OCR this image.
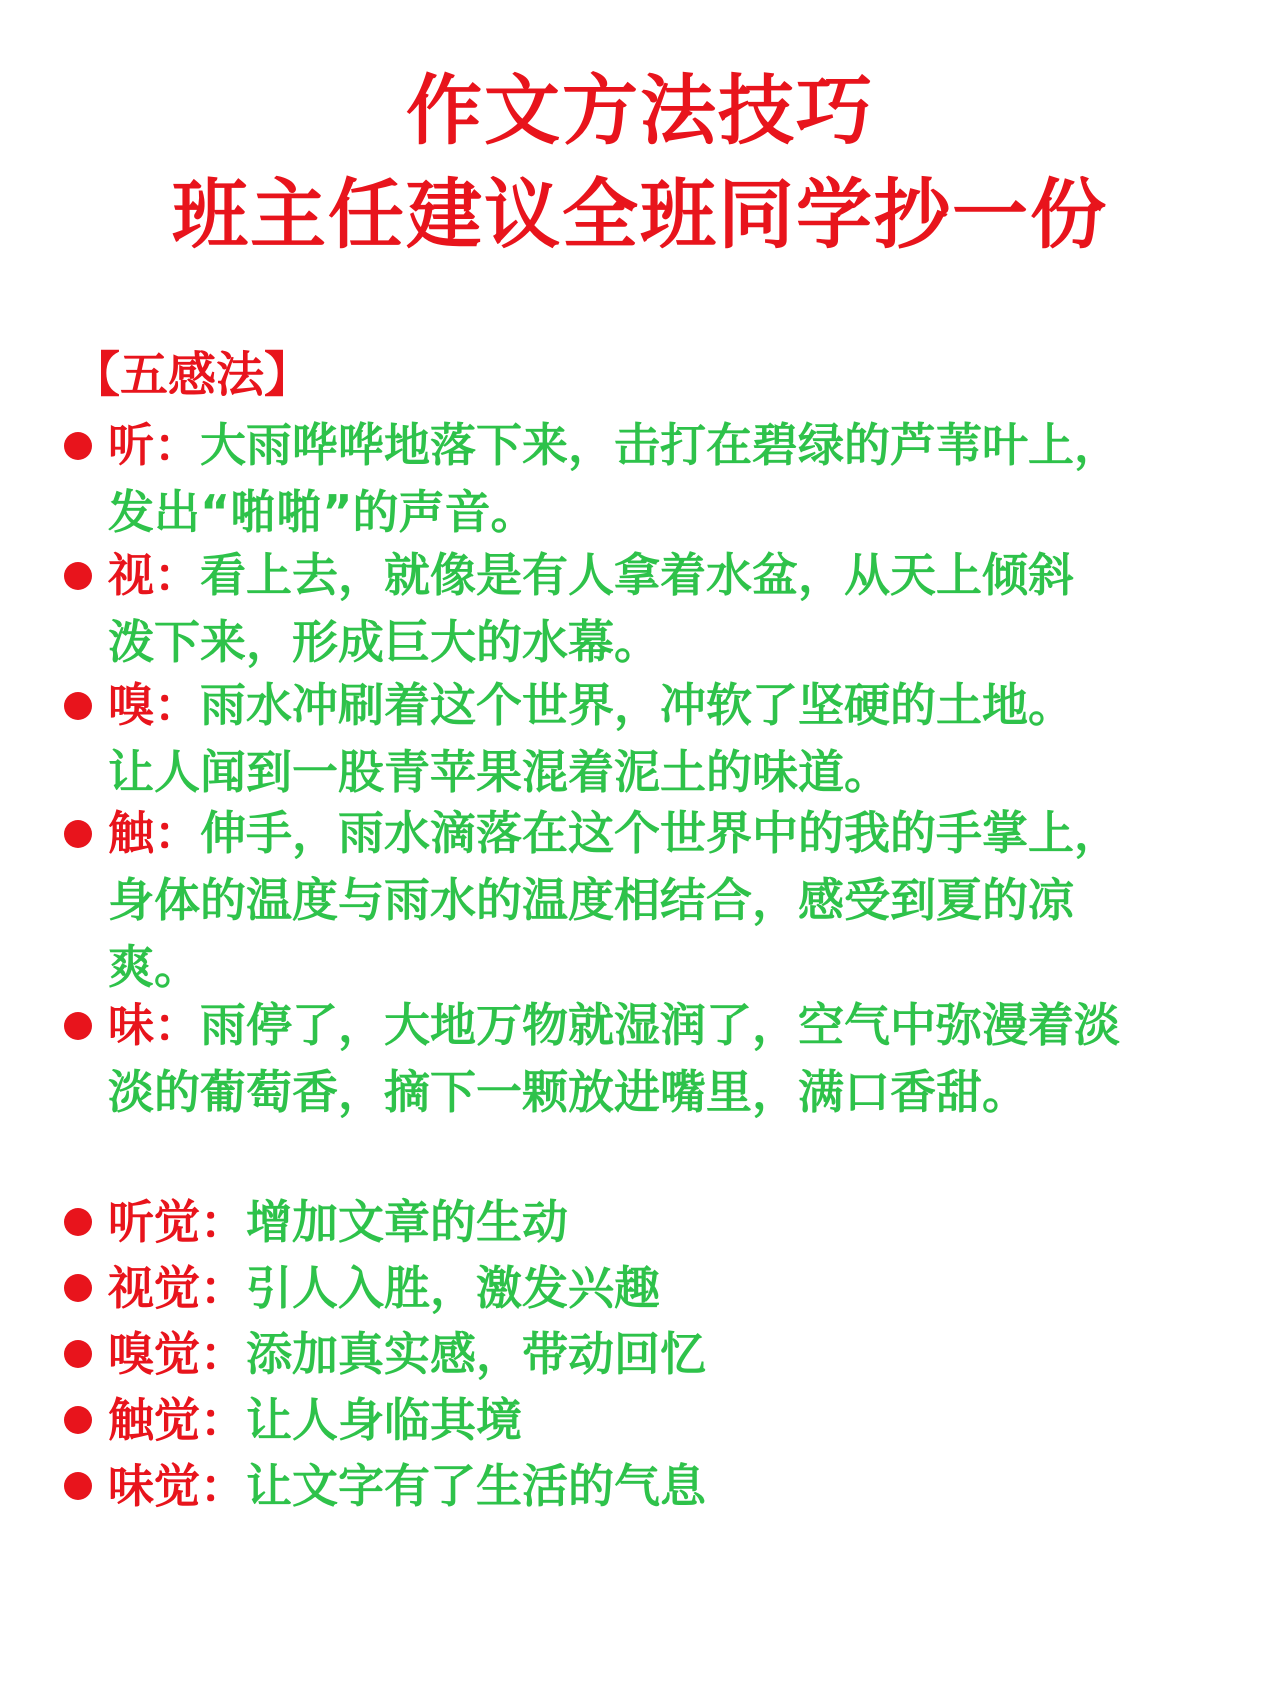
作文方法技巧
班主任建议全班同学抄一份
【五感法】
听：大雨哗哗地落下来，击打在碧绿的芦苇叶上，
发出“啪啪”的声音。
视：看上去，就像是有人拿着水盆，从天上倾斜
泼下来，形成巨大的水幕。
嗅：雨水冲刷着这个世界，冲软了坚硬的土地。
让人闻到一股青苹果混着泥土的味道。
触：伸手，雨水滴落在这个世界中的我的手掌上，
身体的温度与雨水的温度相结合，感受到夏的凉
爽。
味：雨停了，大地万物就湿润了，空气中弥漫着淡
淡的葡萄香，摘下一颗放进嘴里，满口香甜。
听觉：增加文章的生动
视觉：引人入胜，激发兴趣
嗅觉：添加真实感，带动回忆
触觉：让人身临其境
味觉：让文字有了生活的气息
